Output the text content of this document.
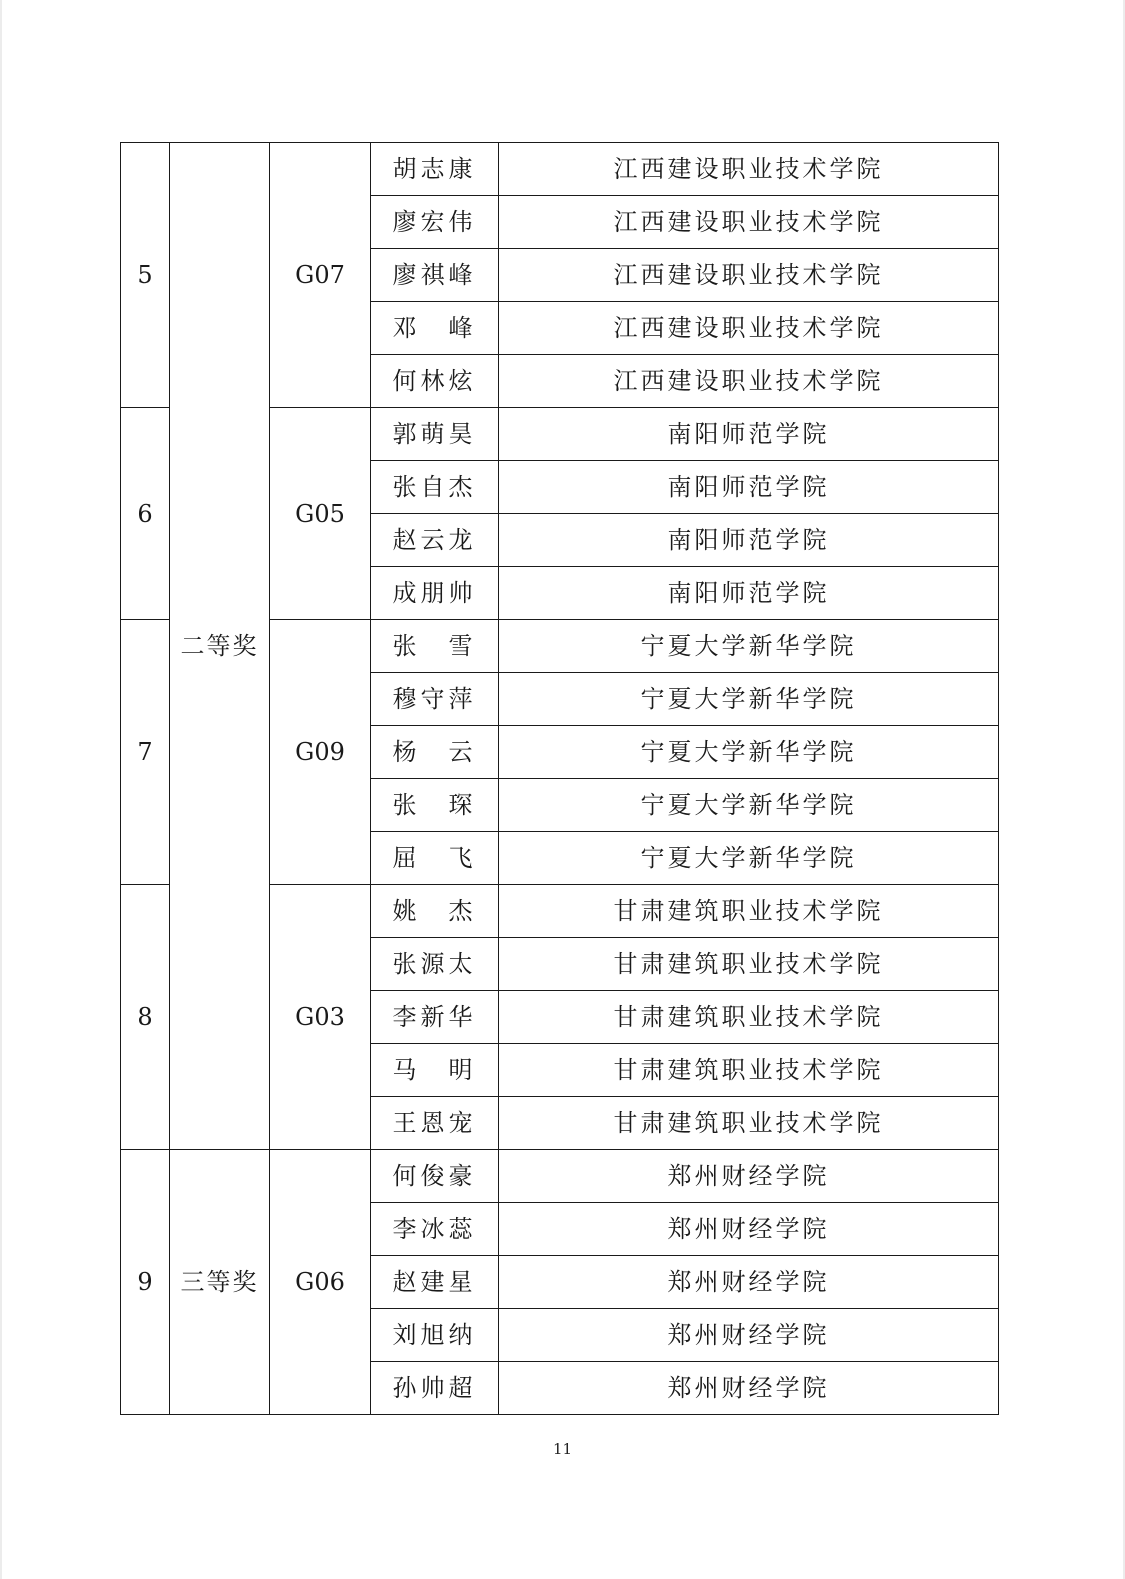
5	二等奖	G07	胡志康	江西建设职业技术学院
			廖宏伟	江西建设职业技术学院
			廖祺峰	江西建设职业技术学院
			邓　峰	江西建设职业技术学院
			何林炫	江西建设职业技术学院
6		G05	郭萌昊	南阳师范学院
			张自杰	南阳师范学院
			赵云龙	南阳师范学院
			成朋帅	南阳师范学院
7		G09	张　雪	宁夏大学新华学院
			穆守萍	宁夏大学新华学院
			杨　云	宁夏大学新华学院
			张　琛	宁夏大学新华学院
			屈　飞	宁夏大学新华学院
8		G03	姚　杰	甘肃建筑职业技术学院
			张源太	甘肃建筑职业技术学院
			李新华	甘肃建筑职业技术学院
			马　明	甘肃建筑职业技术学院
			王恩宠	甘肃建筑职业技术学院
9	三等奖	G06	何俊豪	郑州财经学院
			李冰蕊	郑州财经学院
			赵建星	郑州财经学院
			刘旭纳	郑州财经学院
			孙帅超	郑州财经学院
11
